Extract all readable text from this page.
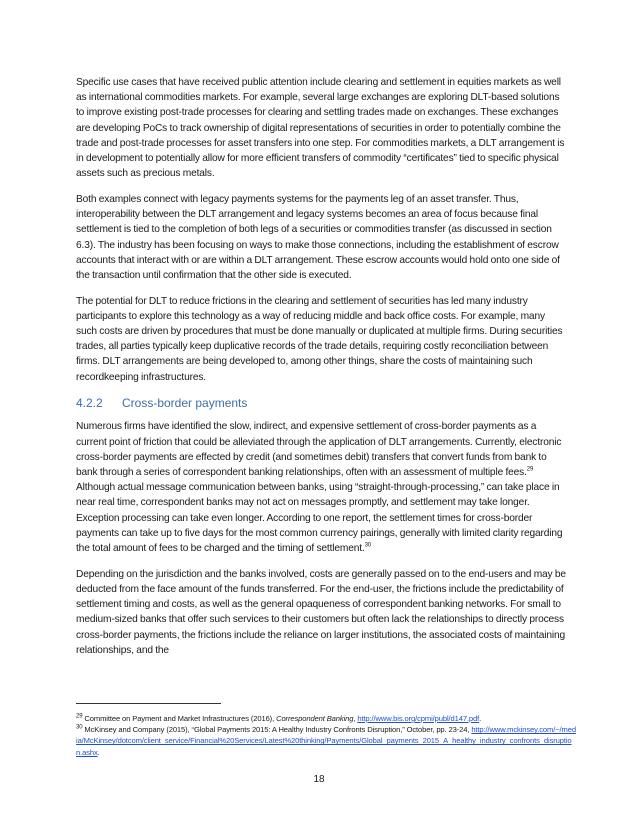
Specific use cases that have received public attention include clearing and settlement in equities markets as well as international commodities markets. For example, several large exchanges are exploring DLT-based solutions to improve existing post-trade processes for clearing and settling trades made on exchanges. These exchanges are developing PoCs to track ownership of digital representations of securities in order to potentially combine the trade and post-trade processes for asset transfers into one step. For commodities markets, a DLT arrangement is in development to potentially allow for more efficient transfers of commodity “certificates” tied to specific physical assets such as precious metals.

Both examples connect with legacy payments systems for the payments leg of an asset transfer. Thus, interoperability between the DLT arrangement and legacy systems becomes an area of focus because final settlement is tied to the completion of both legs of a securities or commodities transfer (as discussed in section 6.3). The industry has been focusing on ways to make those connections, including the establishment of escrow accounts that interact with or are within a DLT arrangement. These escrow accounts would hold onto one side of the transaction until confirmation that the other side is executed.

The potential for DLT to reduce frictions in the clearing and settlement of securities has led many industry participants to explore this technology as a way of reducing middle and back office costs. For example, many such costs are driven by procedures that must be done manually or duplicated at multiple firms. During securities trades, all parties typically keep duplicative records of the trade details, requiring costly reconciliation between firms. DLT arrangements are being developed to, among other things, share the costs of maintaining such recordkeeping infrastructures.

4.2.2 Cross-border payments

Numerous firms have identified the slow, indirect, and expensive settlement of cross-border payments as a current point of friction that could be alleviated through the application of DLT arrangements. Currently, electronic cross-border payments are effected by credit (and sometimes debit) transfers that convert funds from bank to bank through a series of correspondent banking relationships, often with an assessment of multiple fees.$^{29}$ Although actual message communication between banks, using “straight-through-processing,” can take place in near real time, correspondent banks may not act on messages promptly, and settlement may take longer. Exception processing can take even longer. According to one report, the settlement times for cross-border payments can take up to five days for the most common currency pairings, generally with limited clarity regarding the total amount of fees to be charged and the timing of settlement.$^{30}$

Depending on the jurisdiction and the banks involved, costs are generally passed on to the end-users and may be deducted from the face amount of the funds transferred. For the end-user, the frictions include the predictability of settlement timing and costs, as well as the general opaqueness of correspondent banking networks. For small to medium-sized banks that offer such services to their customers but often lack the relationships to directly process cross-border payments, the frictions include the reliance on larger institutions, the associated costs of maintaining relationships, and the

$^{29}$ Committee on Payment and Market Infrastructures (2016), Correspondent Banking, http://www.bis.org/cpmi/publ/d147.pdf.
$^{30}$ McKinsey and Company (2015), “Global Payments 2015: A Healthy Industry Confronts Disruption,” October, pp. 23-24, http://www.mckinsey.com/~/media/McKinsey/dotcom/client_service/Financial%20Services/Latest%20thinking/Payments/Global_payments_2015_A_healthy_industry_confronts_disruption.ashx.
18
